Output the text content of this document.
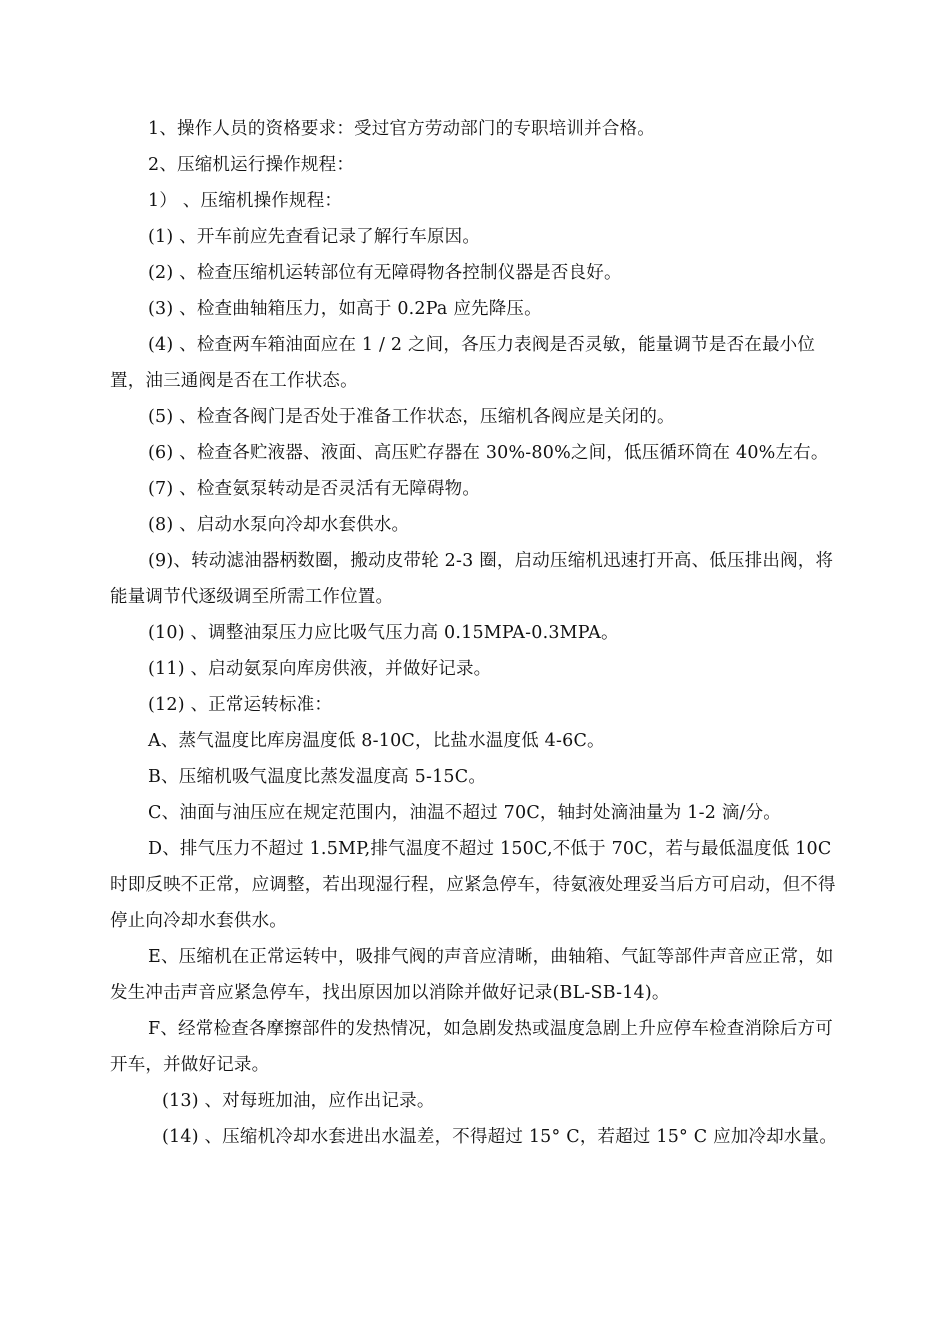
1、操作人员的资格要求：受过官方劳动部门的专职培训并合格。

2、压缩机运行操作规程：

1） 、压缩机操作规程：

(1) 、开车前应先查看记录了解行车原因。

(2) 、检查压缩机运转部位有无障碍物各控制仪器是否良好。

(3) 、检查曲轴箱压力，如高于 0.2Pa 应先降压。

(4) 、检查两车箱油面应在 1 / 2 之间，各压力表阀是否灵敏，能量调节是否在最小位置，油三通阀是否在工作状态。

(5) 、检查各阀门是否处于准备工作状态，压缩机各阀应是关闭的。

(6) 、检查各贮液器、液面、高压贮存器在 30%-80%之间，低压循环筒在 40%左右。

(7) 、检查氨泵转动是否灵活有无障碍物。

(8) 、启动水泵向冷却水套供水。

(9)、转动滤油器柄数圈，搬动皮带轮 2-3 圈，启动压缩机迅速打开高、低压排出阀，将能量调节代逐级调至所需工作位置。

(10) 、调整油泵压力应比吸气压力高 0.15MPA-0.3MPA。

(11) 、启动氨泵向库房供液，并做好记录。

(12) 、正常运转标准：

A、蒸气温度比库房温度低 8-10C，比盐水温度低 4-6C。

B、压缩机吸气温度比蒸发温度高 5-15C。

C、油面与油压应在规定范围内，油温不超过 70C，轴封处滴油量为 1-2 滴/分。

D、排气压力不超过 1.5MP,排气温度不超过 150C,不低于 70C，若与最低温度低 10C 时即反映不正常，应调整，若出现湿行程，应紧急停车，待氨液处理妥当后方可启动，但不得停止向冷却水套供水。

E、压缩机在正常运转中，吸排气阀的声音应清晰，曲轴箱、气缸等部件声音应正常，如发生冲击声音应紧急停车，找出原因加以消除并做好记录(BL-SB-14)。

F、经常检查各摩擦部件的发热情况，如急剧发热或温度急剧上升应停车检查消除后方可开车，并做好记录。

(13) 、对每班加油，应作出记录。

(14) 、压缩机冷却水套进出水温差，不得超过 15° C，若超过 15° C 应加冷却水量。
